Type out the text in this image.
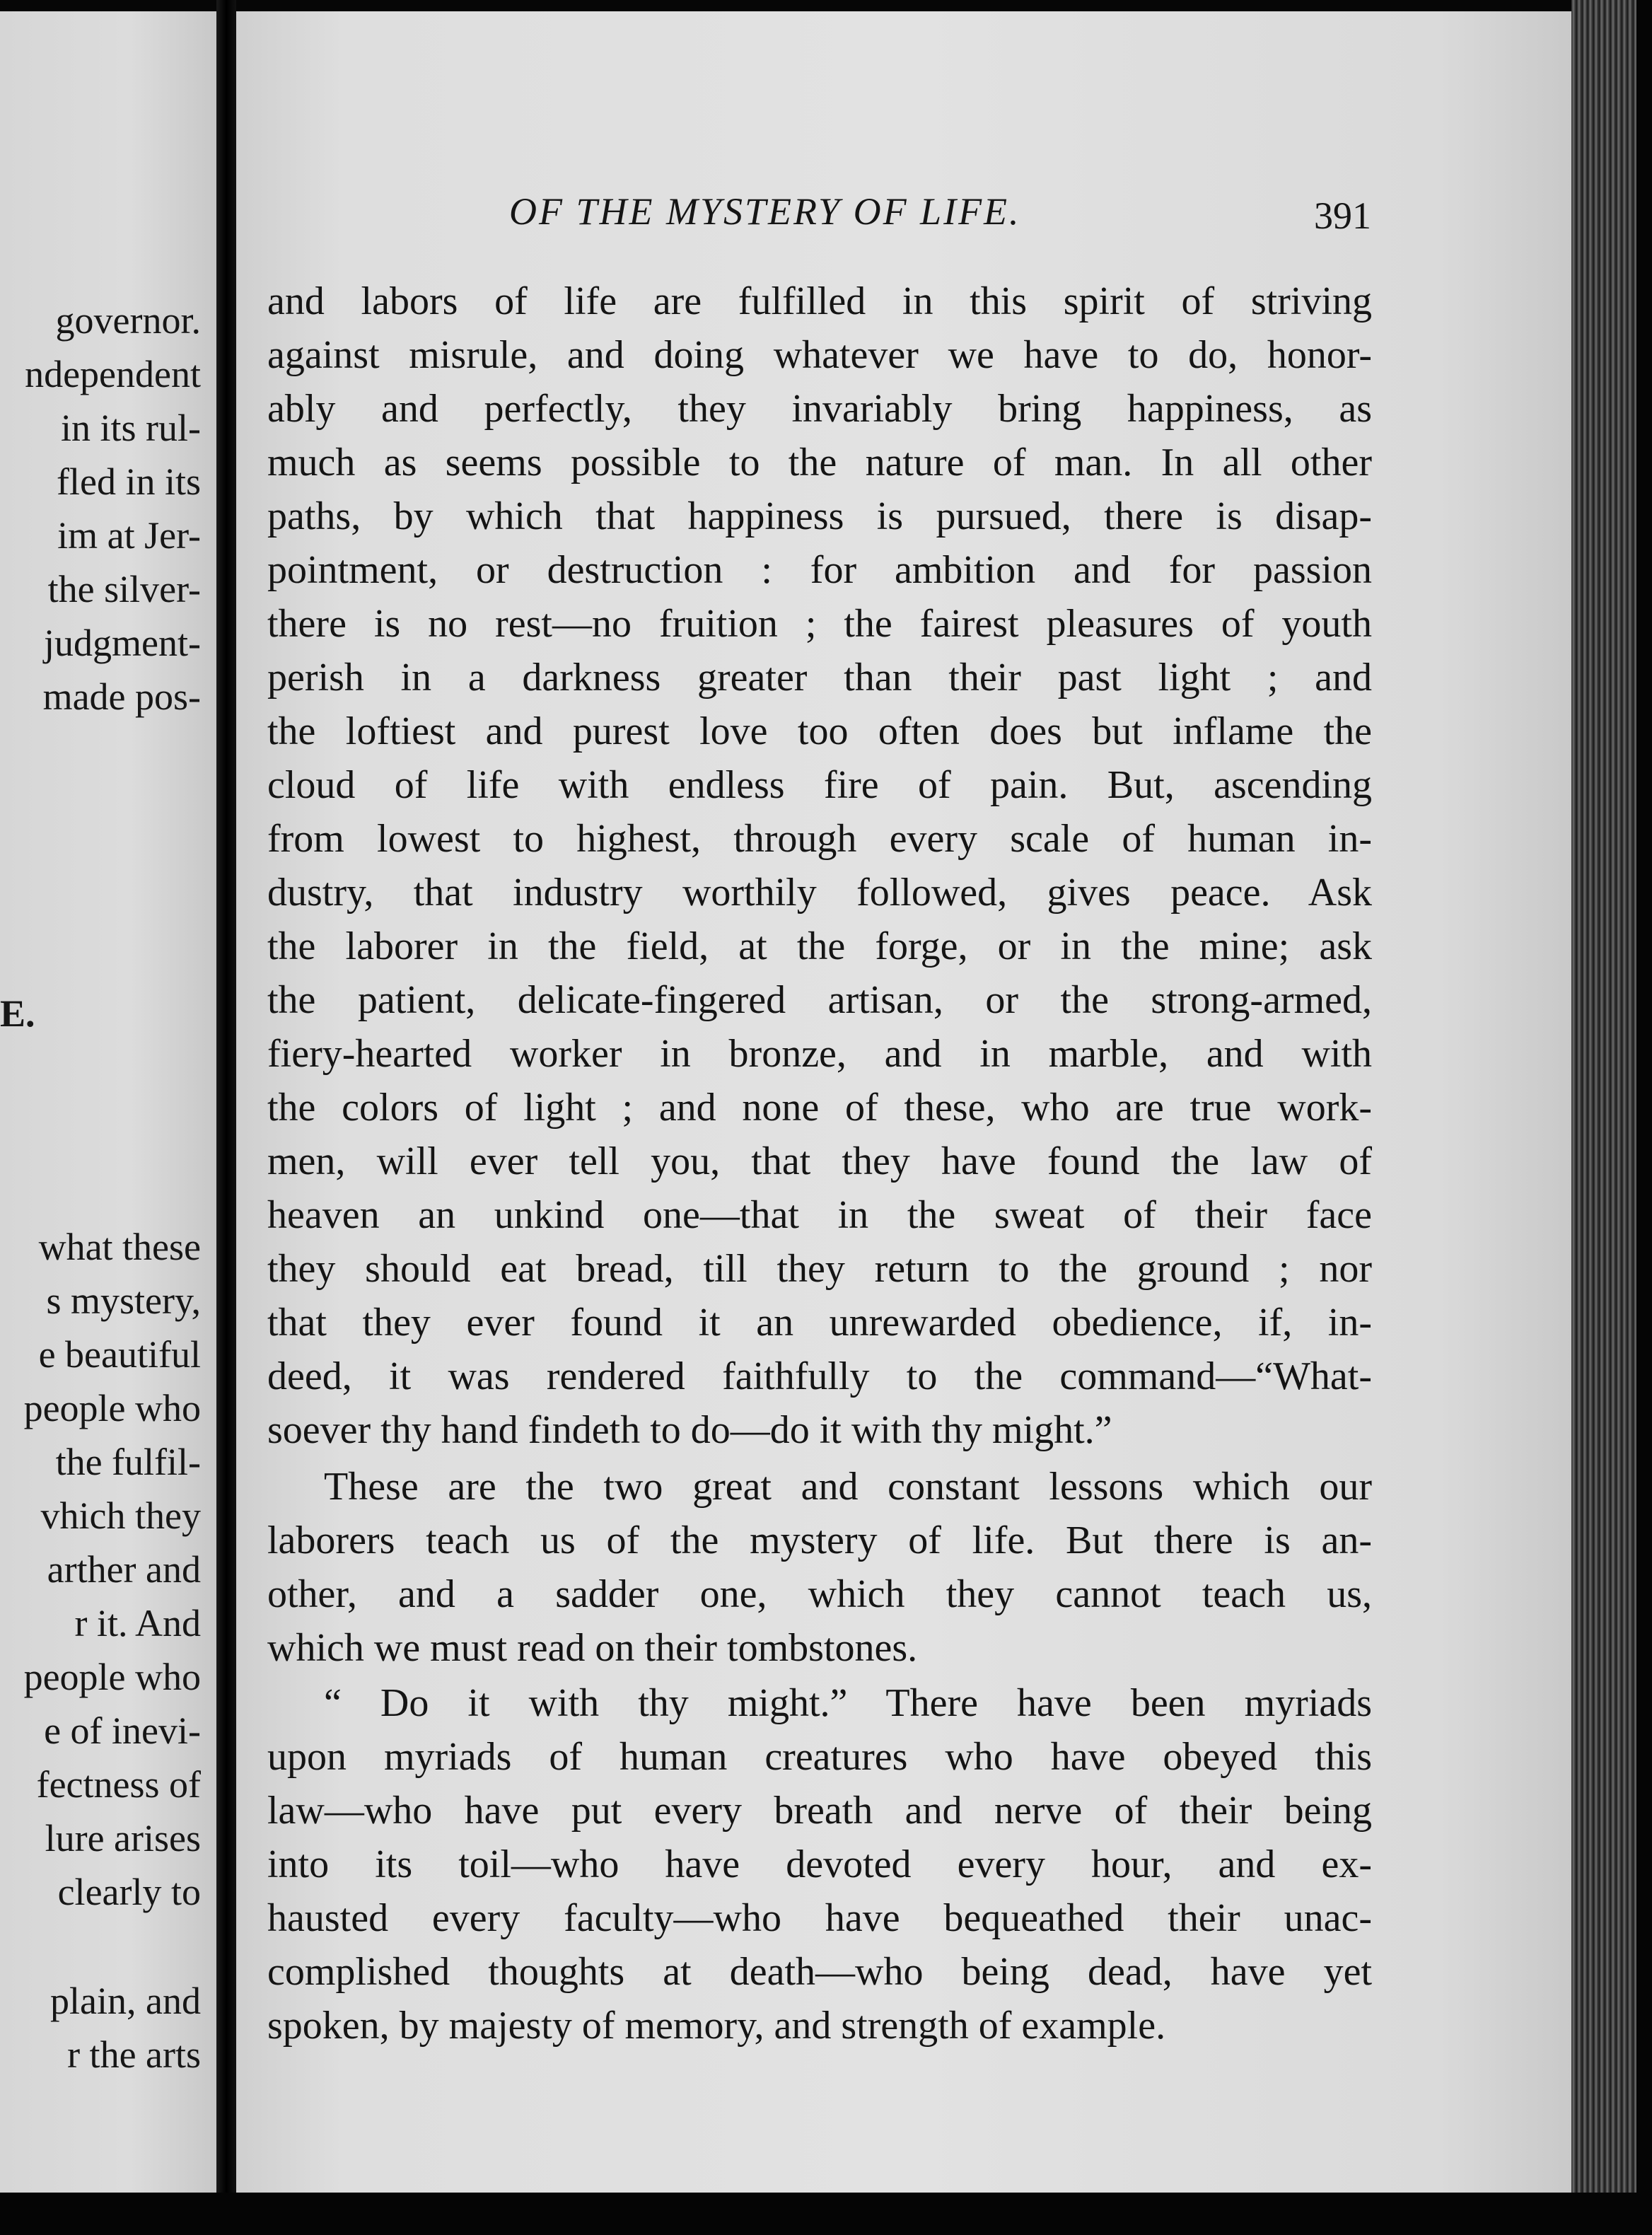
governor.
ndependent
in its rul-
fled in its
im at Jer-
the silver-
judgment-
made pos-
E.
what these
s mystery,
e beautiful
people who
the fulfil-
vhich they
arther and
r it. And
people who
e of inevi-
fectness of
lure arises
clearly to
plain, and
r the arts
OF THE MYSTERY OF LIFE.	391
and labors of life are fulfilled in this spirit of striving
against misrule, and doing whatever we have to do, honor-
ably and perfectly, they invariably bring happiness, as
much as seems possible to the nature of man. In all other
paths, by which that happiness is pursued, there is disap-
pointment, or destruction : for ambition and for passion
there is no rest—no fruition ; the fairest pleasures of youth
perish in a darkness greater than their past light ; and
the loftiest and purest love too often does but inflame the
cloud of life with endless fire of pain. But, ascending
from lowest to highest, through every scale of human in-
dustry, that industry worthily followed, gives peace. Ask
the laborer in the field, at the forge, or in the mine; ask
the patient, delicate-fingered artisan, or the strong-armed,
fiery-hearted worker in bronze, and in marble, and with
the colors of light ; and none of these, who are true work-
men, will ever tell you, that they have found the law of
heaven an unkind one—that in the sweat of their face
they should eat bread, till they return to the ground ; nor
that they ever found it an unrewarded obedience, if, in-
deed, it was rendered faithfully to the command—“What-
soever thy hand findeth to do—do it with thy might.”
These are the two great and constant lessons which our
laborers teach us of the mystery of life. But there is an-
other, and a sadder one, which they cannot teach us,
which we must read on their tombstones.
“ Do it with thy might.” There have been myriads
upon myriads of human creatures who have obeyed this
law—who have put every breath and nerve of their being
into its toil—who have devoted every hour, and ex-
hausted every faculty—who have bequeathed their unac-
complished thoughts at death—who being dead, have yet
spoken, by majesty of memory, and strength of example.
